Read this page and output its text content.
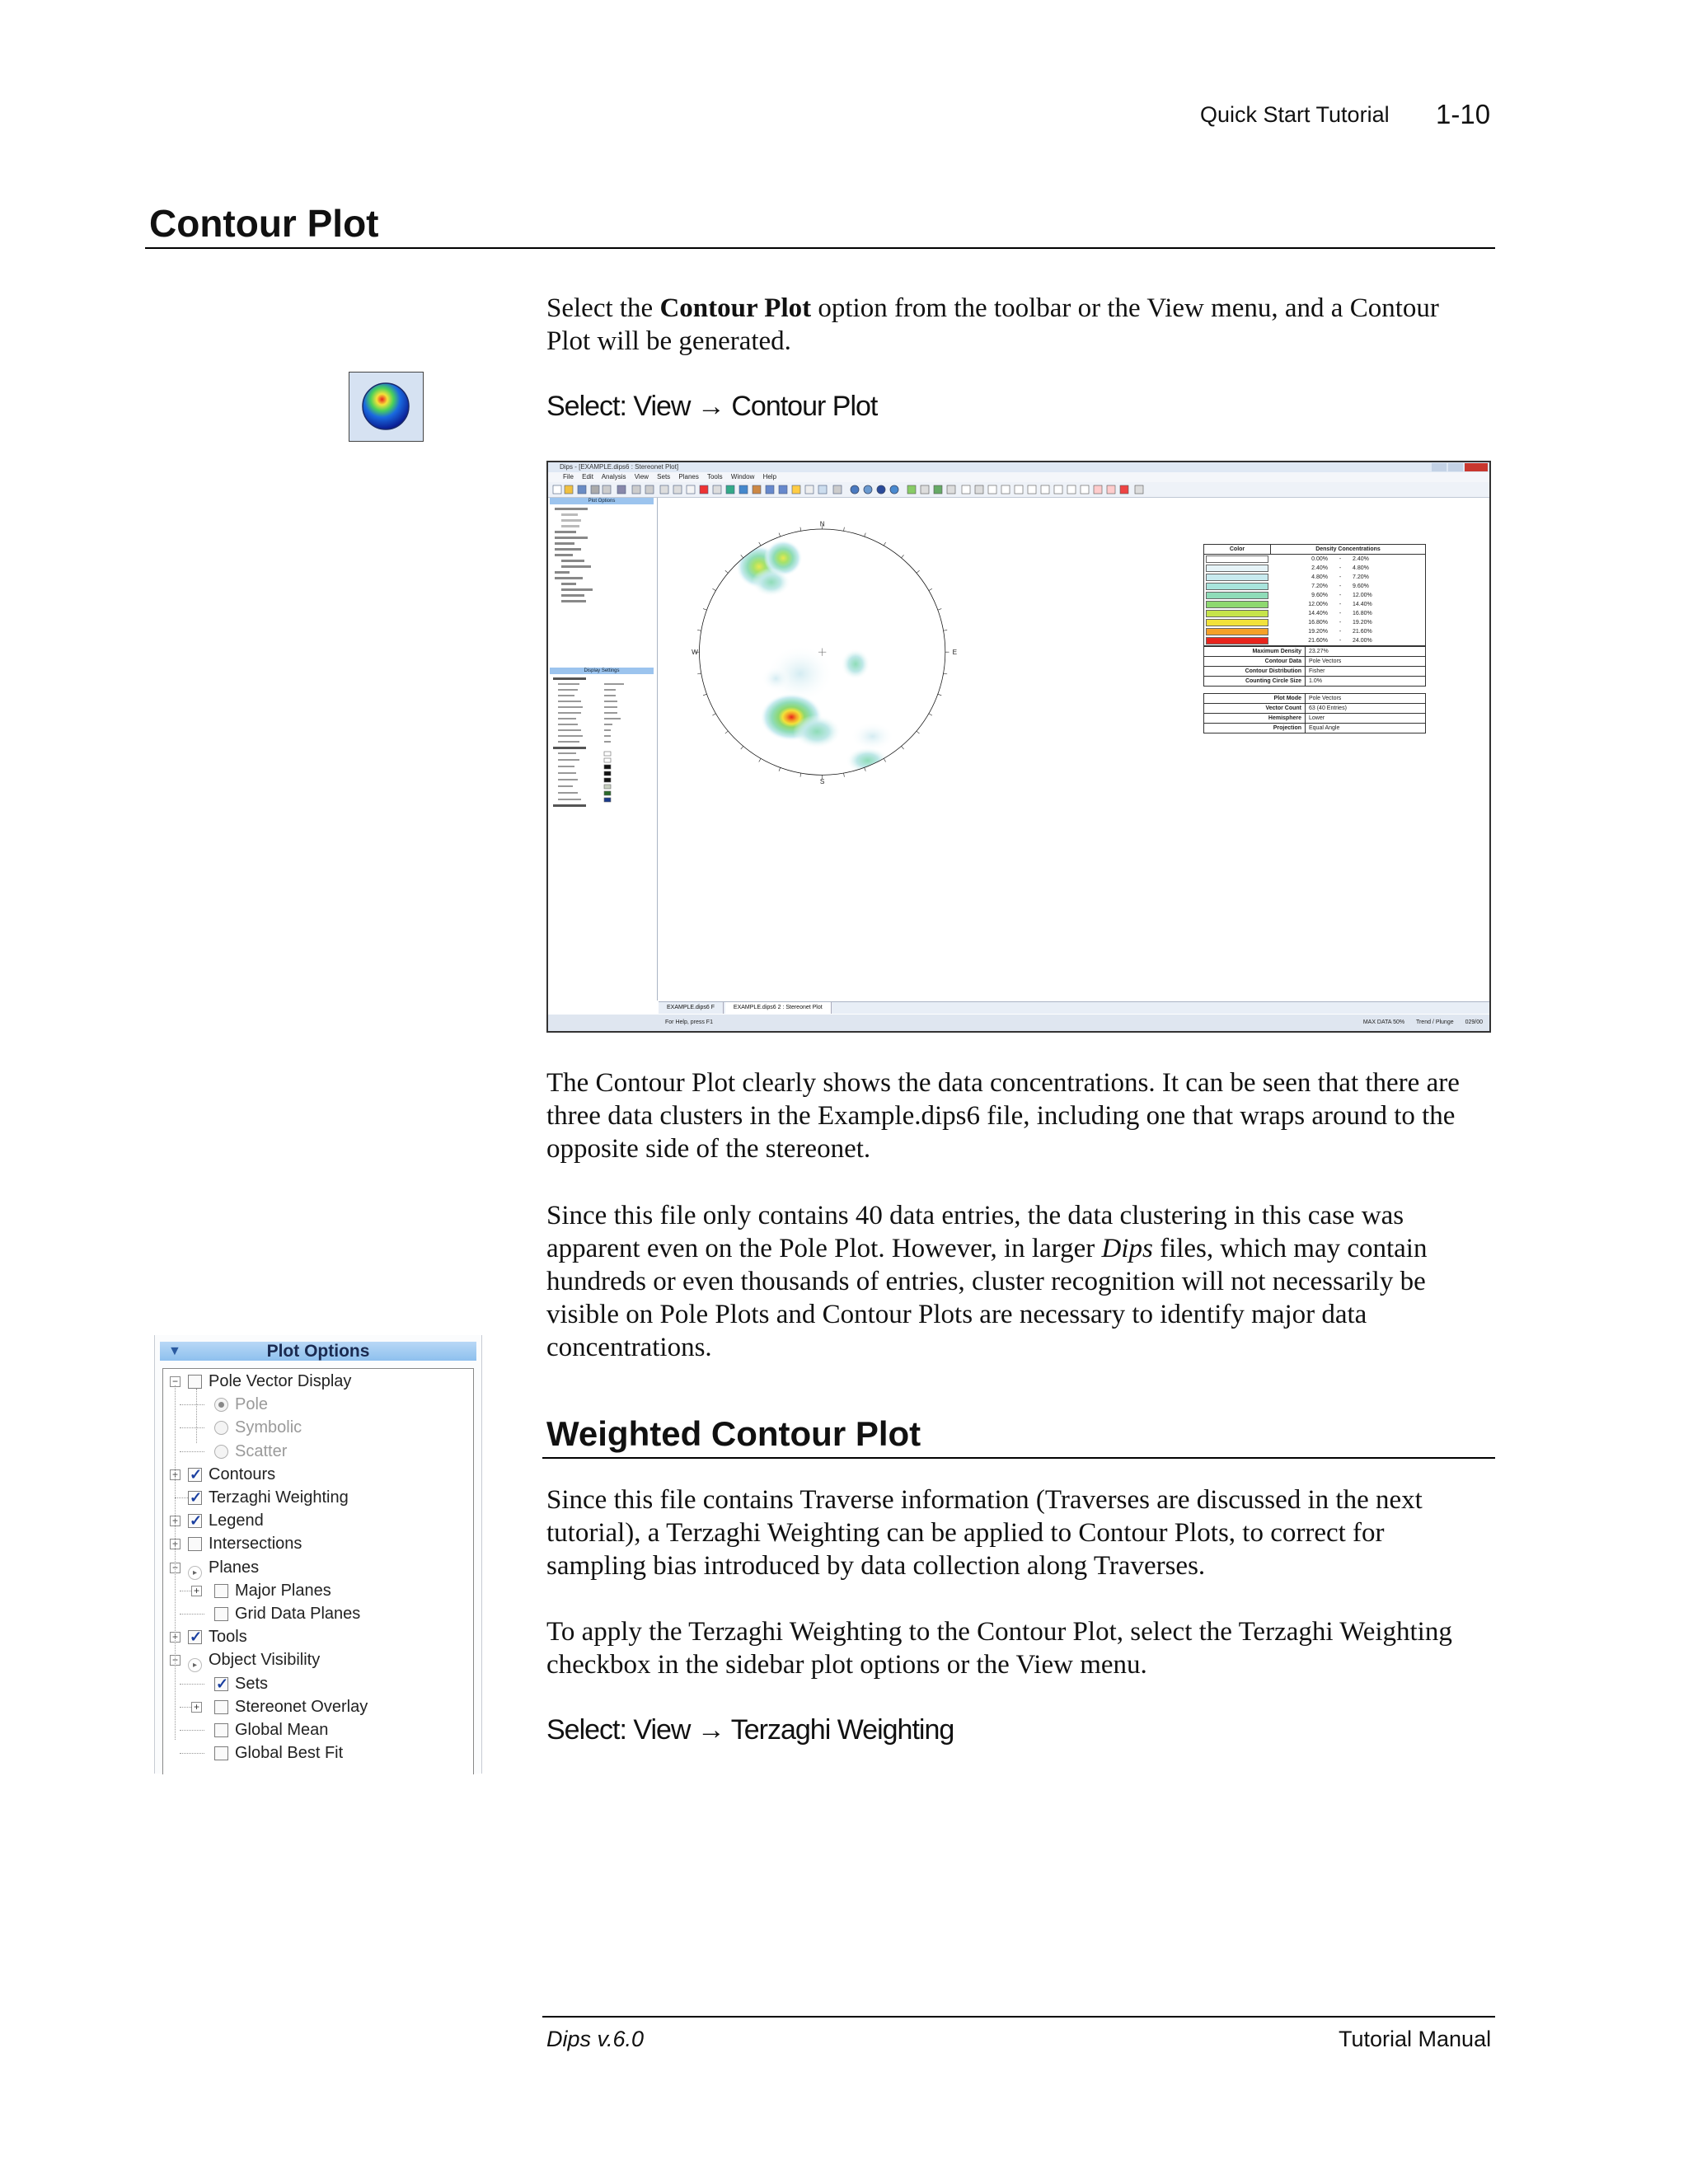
Quick Start Tutorial 1-10
Contour Plot
Select the Contour Plot option from the toolbar or the View menu, and a Contour Plot will be generated.
Select: View → Contour Plot
Dips - [EXAMPLE.dips6 : Stereonet Plot]
File Edit Analysis View Sets Planes Tools Window Help
Plot Options
Display Settings
N
S
E
W
Color	Density Concentrations
0.00%	-	2.40%
2.40%	-	4.80%
4.80%	-	7.20%
7.20%	-	9.60%
9.60%	-	12.00%
12.00%	-	14.40%
14.40%	-	16.80%
16.80%	-	19.20%
19.20%	-	21.60%
21.60%	-	24.00%
Maximum Density	23.27%
Contour Data	Pole Vectors
Contour Distribution	Fisher
Counting Circle Size	1.0%
Plot Mode	Pole Vectors
Vector Count	63 (40 Entries)
Hemisphere	Lower
Projection	Equal Angle
EXAMPLE.dips6 F	EXAMPLE.dips6 2 : Stereonet Plot
For Help, press F1	MAX DATA 50% Trend / Plunge 029/00
The Contour Plot clearly shows the data concentrations. It can be seen that there are three data clusters in the Example.dips6 file, including one that wraps around to the opposite side of the stereonet.
Since this file only contains 40 data entries, the data clustering in this case was apparent even on the Pole Plot. However, in larger Dips files, which may contain hundreds or even thousands of entries, cluster recognition will not necessarily be visible on Pole Plots and Contour Plots are necessary to identify major data concentrations.
Weighted Contour Plot
Since this file contains Traverse information (Traverses are discussed in the next tutorial), a Terzaghi Weighting can be applied to Contour Plots, to correct for sampling bias introduced by data collection along Traverses.
To apply the Terzaghi Weighting to the Contour Plot, select the Terzaghi Weighting checkbox in the sidebar plot options or the View menu.
Select: View → Terzaghi Weighting
▼	Plot Options
−	Pole Vector Display
Pole
Symbolic
Scatter
+ ✓	Contours
✓Terzaghi Weighting
+ ✓	Legend
+	Intersections
−	▸ Planes
+	Major Planes
Grid Data Planes
+ ✓	Tools
−	▸ Object Visibility
✓Sets
+	Stereonet Overlay
Global Mean
Global Best Fit
Dips v.6.0	Tutorial Manual
